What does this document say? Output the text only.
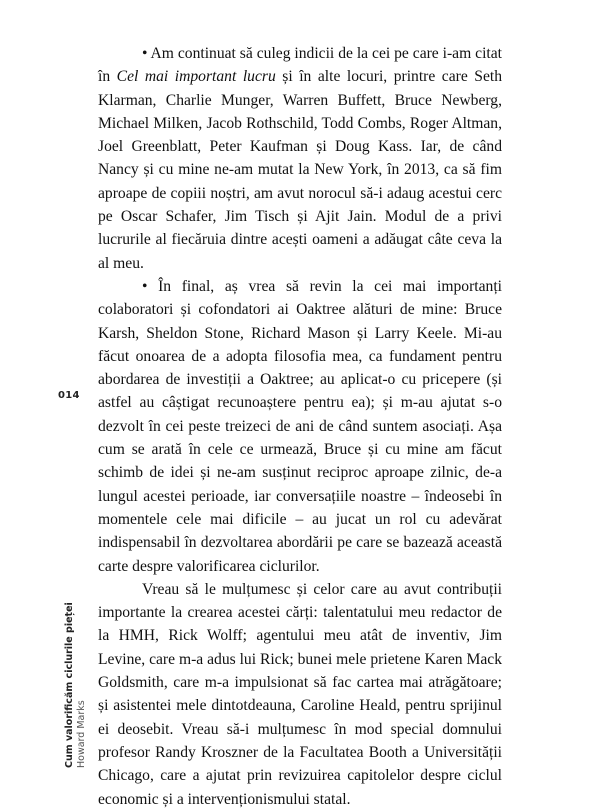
• Am continuat să culeg indicii de la cei pe care i-am citat în Cel mai important lucru și în alte locuri, printre care Seth Klarman, Charlie Munger, Warren Buffett, Bruce Newberg, Michael Milken, Jacob Rothschild, Todd Combs, Roger Altman, Joel Greenblatt, Peter Kaufman și Doug Kass. Iar, de când Nancy și cu mine ne-am mutat la New York, în 2013, ca să fim aproape de copiii noștri, am avut norocul să-i adaug acestui cerc pe Oscar Schafer, Jim Tisch și Ajit Jain. Modul de a privi lucrurile al fiecăruia dintre acești oameni a adăugat câte ceva la al meu.

• În final, aș vrea să revin la cei mai importanți colaboratori și cofondatori ai Oaktree alături de mine: Bruce Karsh, Sheldon Stone, Richard Mason și Larry Keele. Mi-au făcut onoarea de a adopta filosofia mea, ca fundament pentru abordarea de investiții a Oaktree; au aplicat-o cu pricepere (și astfel au câștigat recunoaștere pentru ea); și m-au ajutat s-o dezvolt în cei peste treizeci de ani de când suntem asociați. Așa cum se arată în cele ce urmează, Bruce și cu mine am făcut schimb de idei și ne-am susținut reciproc aproape zilnic, de-a lungul acestei perioade, iar conversațiile noastre – îndeosebi în momentele cele mai dificile – au jucat un rol cu adevărat indispensabil în dezvoltarea abordării pe care se bazează această carte despre valorificarea ciclurilor.

Vreau să le mulțumesc și celor care au avut contribuții importante la crearea acestei cărți: talentatului meu redactor de la HMH, Rick Wolff; agentului meu atât de inventiv, Jim Levine, care m-a adus lui Rick; bunei mele prietene Karen Mack Goldsmith, care m-a impulsionat să fac cartea mai atrăgătoare; și asistentei mele dintotdeauna, Caroline Heald, pentru sprijinul ei deosebit. Vreau să-i mulțumesc în mod special domnului profesor Randy Kroszner de la Facultatea Booth a Universității Chicago, care a ajutat prin revizuirea capitolelor despre ciclul economic și a intervenționismului statal.

014
Cum valorificăm ciclurile pieței Howard Marks
